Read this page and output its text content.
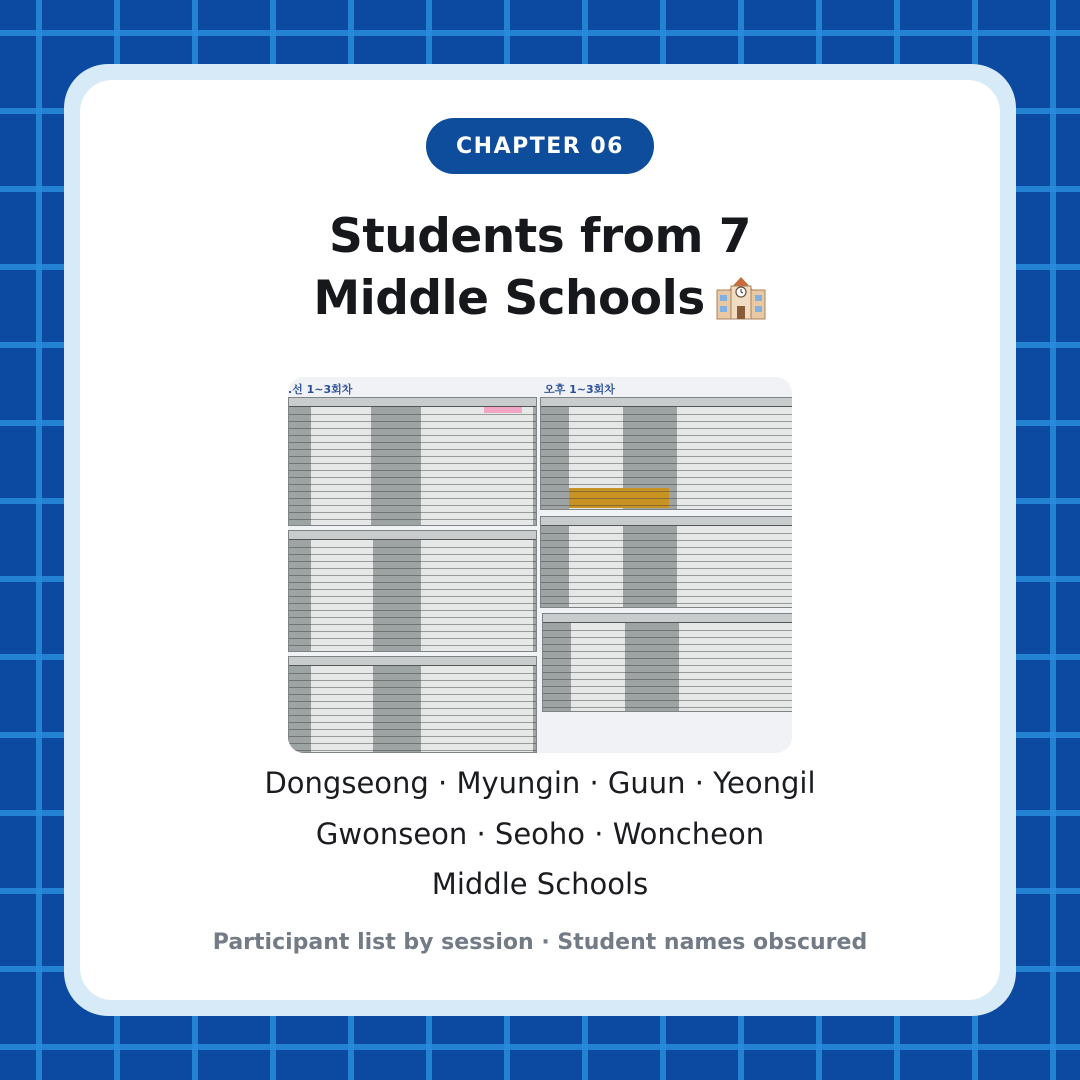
CHAPTER 06
Students from 7
Middle Schools
.선 1~3회차	오후 1~3회차
Dongseong · Myungin · Guun · Yeongil
Gwonseon · Seoho · Woncheon
Middle Schools
Participant list by session · Student names obscured
